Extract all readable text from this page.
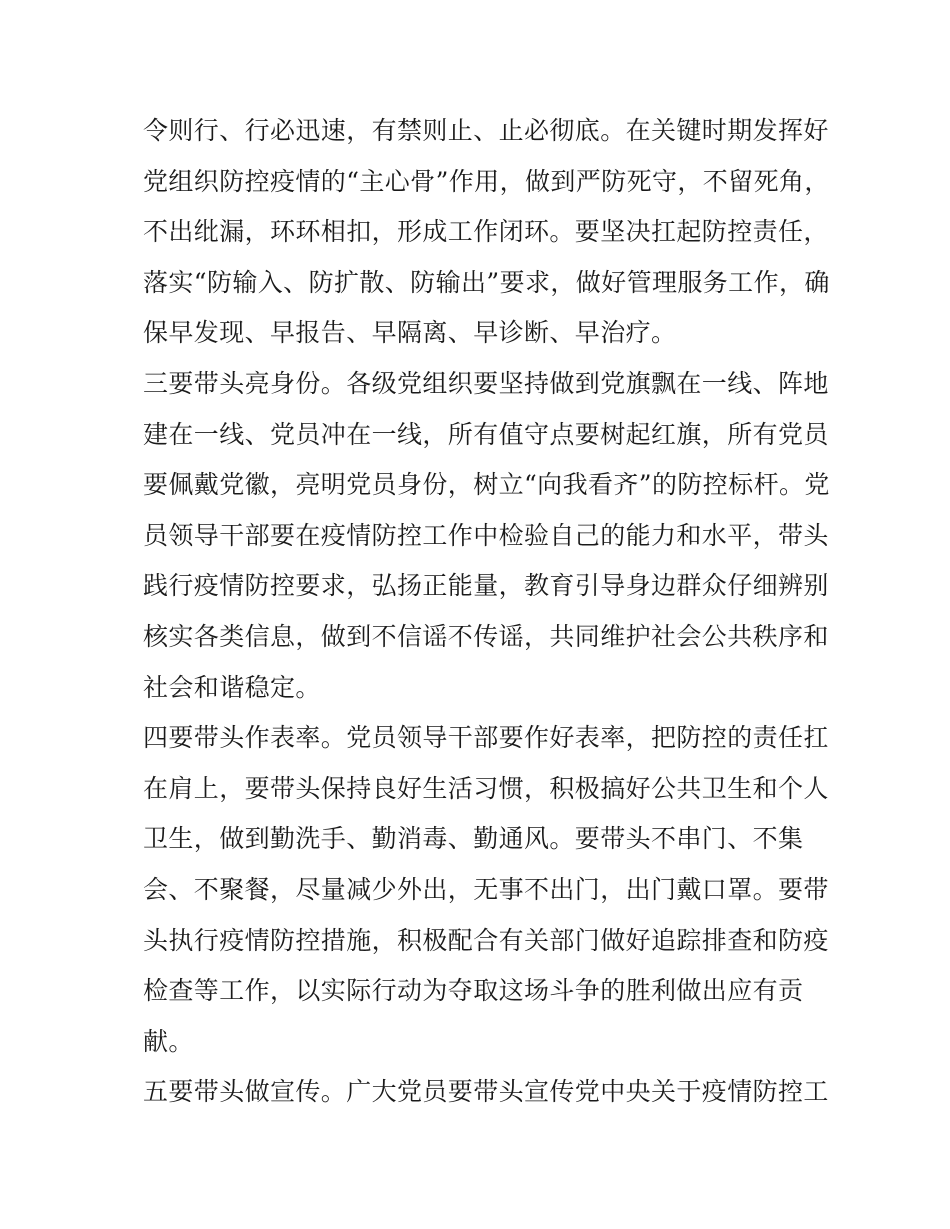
令则行、行必迅速，有禁则止、止必彻底。在关键时期发挥好
党组织防控疫情的“主心骨”作用，做到严防死守，不留死角，
不出纰漏，环环相扣，形成工作闭环。要坚决扛起防控责任，
落实“防输入、防扩散、防输出”要求，做好管理服务工作，确
保早发现、早报告、早隔离、早诊断、早治疗。
三要带头亮身份。各级党组织要坚持做到党旗飘在一线、阵地
建在一线、党员冲在一线，所有值守点要树起红旗，所有党员
要佩戴党徽，亮明党员身份，树立“向我看齐”的防控标杆。党
员领导干部要在疫情防控工作中检验自己的能力和水平，带头
践行疫情防控要求，弘扬正能量，教育引导身边群众仔细辨别
核实各类信息，做到不信谣不传谣，共同维护社会公共秩序和
社会和谐稳定。
四要带头作表率。党员领导干部要作好表率，把防控的责任扛
在肩上，要带头保持良好生活习惯，积极搞好公共卫生和个人
卫生，做到勤洗手、勤消毒、勤通风。要带头不串门、不集
会、不聚餐，尽量减少外出，无事不出门，出门戴口罩。要带
头执行疫情防控措施，积极配合有关部门做好追踪排查和防疫
检查等工作，以实际行动为夺取这场斗争的胜利做出应有贡
献。
五要带头做宣传。广大党员要带头宣传党中央关于疫情防控工
